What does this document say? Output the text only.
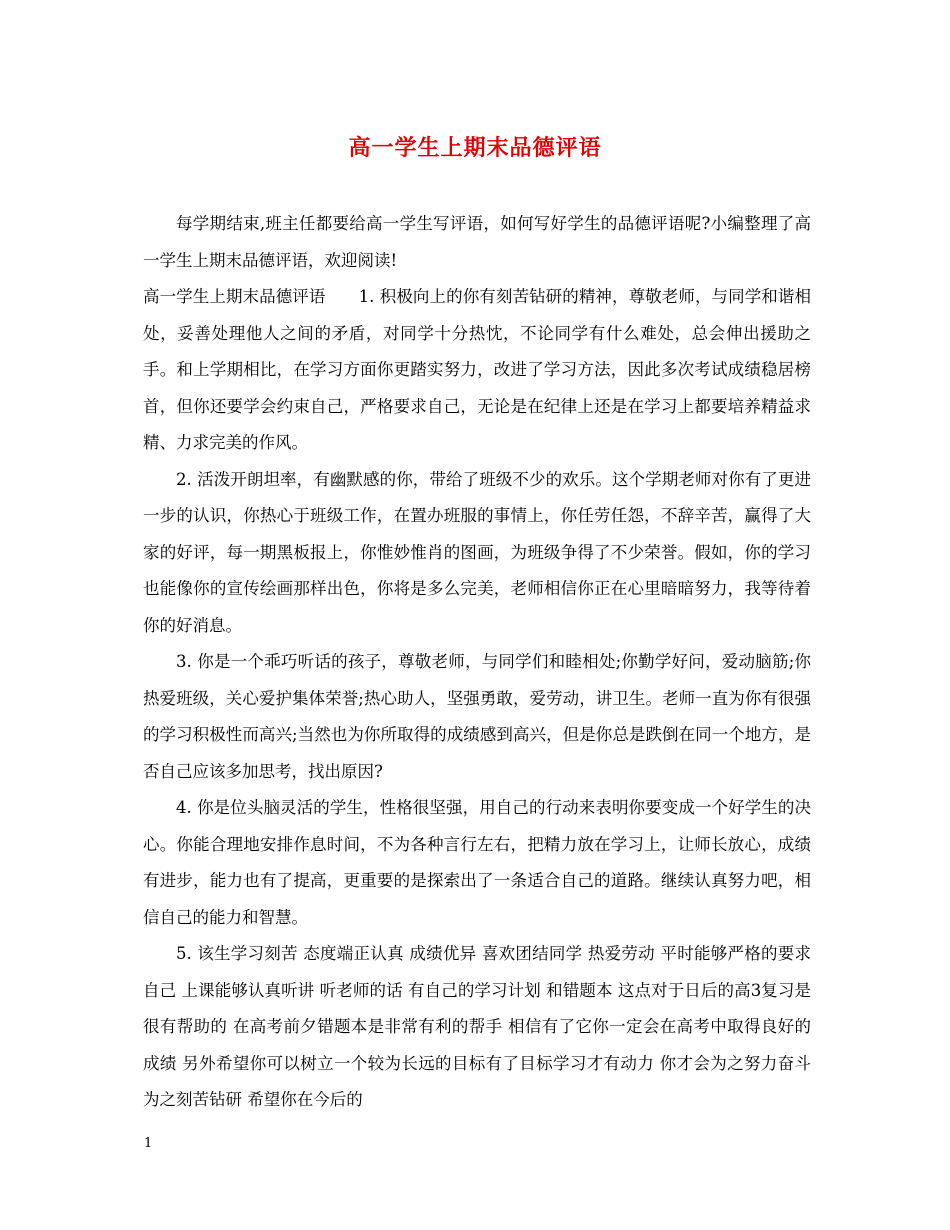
高一学生上期末品德评语

每学期结束,班主任都要给高一学生写评语，如何写好学生的品德评语呢?小编整理了高一学生上期末品德评语，欢迎阅读!

高一学生上期末品德评语　　1. 积极向上的你有刻苦钻研的精神，尊敬老师，与同学和谐相处，妥善处理他人之间的矛盾，对同学十分热忱，不论同学有什么难处，总会伸出援助之手。和上学期相比，在学习方面你更踏实努力，改进了学习方法，因此多次考试成绩稳居榜首，但你还要学会约束自己，严格要求自己，无论是在纪律上还是在学习上都要培养精益求精、力求完美的作风。

2. 活泼开朗坦率，有幽默感的你，带给了班级不少的欢乐。这个学期老师对你有了更进一步的认识，你热心于班级工作，在置办班服的事情上，你任劳任怨，不辞辛苦，赢得了大家的好评，每一期黑板报上，你惟妙惟肖的图画，为班级争得了不少荣誉。假如，你的学习也能像你的宣传绘画那样出色，你将是多么完美，老师相信你正在心里暗暗努力，我等待着你的好消息。

3. 你是一个乖巧听话的孩子，尊敬老师，与同学们和睦相处;你勤学好问，爱动脑筋;你热爱班级，关心爱护集体荣誉;热心助人，坚强勇敢，爱劳动，讲卫生。老师一直为你有很强的学习积极性而高兴;当然也为你所取得的成绩感到高兴，但是你总是跌倒在同一个地方，是否自己应该多加思考，找出原因?

4. 你是位头脑灵活的学生，性格很坚强，用自己的行动来表明你要变成一个好学生的决心。你能合理地安排作息时间，不为各种言行左右，把精力放在学习上，让师长放心，成绩有进步，能力也有了提高，更重要的是探索出了一条适合自己的道路。继续认真努力吧，相信自己的能力和智慧。

5. 该生学习刻苦 态度端正认真 成绩优异 喜欢团结同学 热爱劳动 平时能够严格的要求自己 上课能够认真听讲 听老师的话 有自己的学习计划 和错题本 这点对于日后的高3复习是很有帮助的 在高考前夕错题本是非常有利的帮手 相信有了它你一定会在高考中取得良好的成绩 另外希望你可以树立一个较为长远的目标有了目标学习才有动力 你才会为之努力奋斗 为之刻苦钻研 希望你在今后的

1
